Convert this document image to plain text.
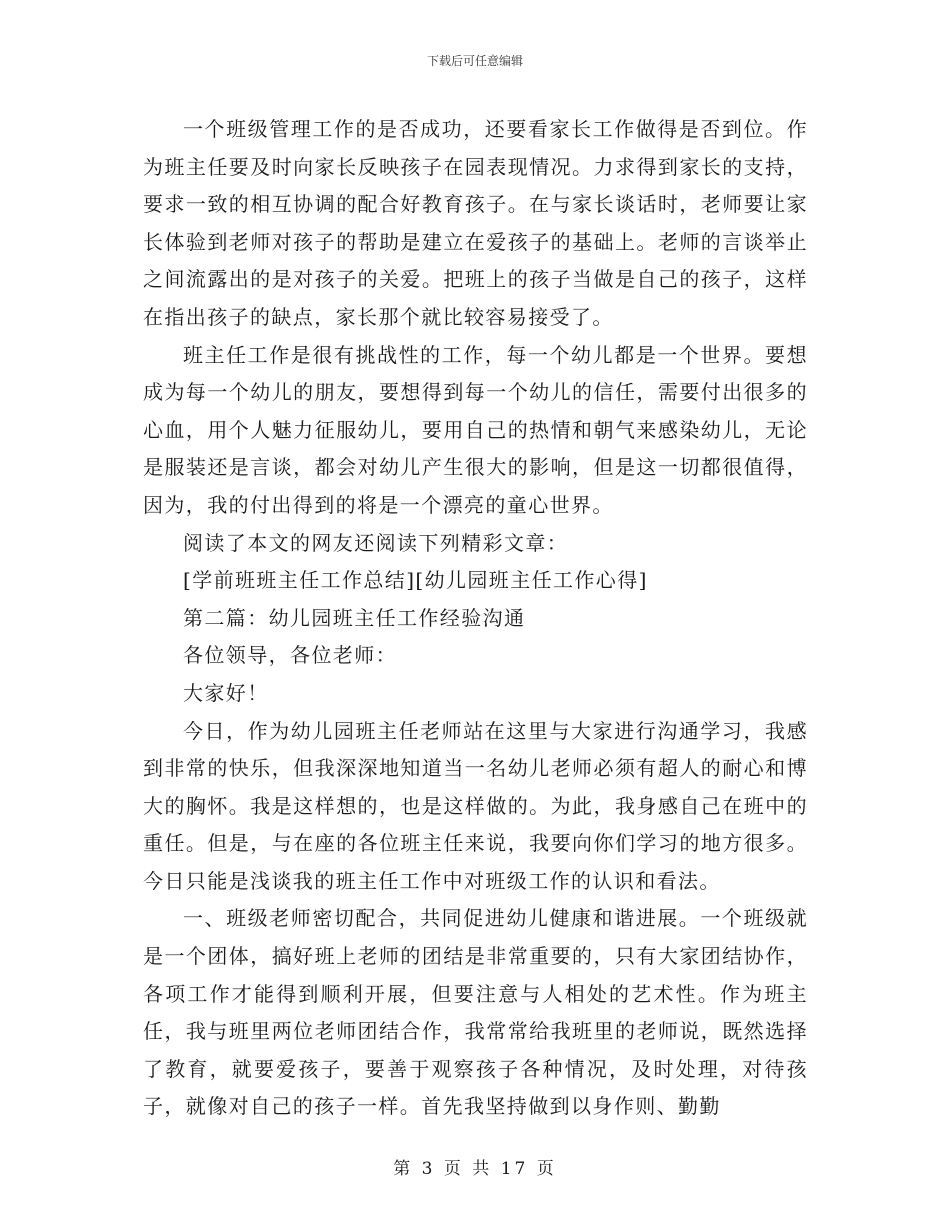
下载后可任意编辑

一个班级管理工作的是否成功，还要看家长工作做得是否到位。作为班主任要及时向家长反映孩子在园表现情况。力求得到家长的支持，要求一致的相互协调的配合好教育孩子。在与家长谈话时，老师要让家长体验到老师对孩子的帮助是建立在爱孩子的基础上。老师的言谈举止之间流露出的是对孩子的关爱。把班上的孩子当做是自己的孩子，这样在指出孩子的缺点，家长那个就比较容易接受了。

班主任工作是很有挑战性的工作，每一个幼儿都是一个世界。要想成为每一个幼儿的朋友，要想得到每一个幼儿的信任，需要付出很多的心血，用个人魅力征服幼儿，要用自己的热情和朝气来感染幼儿，无论是服装还是言谈，都会对幼儿产生很大的影响，但是这一切都很值得，因为，我的付出得到的将是一个漂亮的童心世界。

阅读了本文的网友还阅读下列精彩文章：

[学前班班主任工作总结][幼儿园班主任工作心得]

第二篇：幼儿园班主任工作经验沟通

各位领导，各位老师：

大家好！

今日，作为幼儿园班主任老师站在这里与大家进行沟通学习，我感到非常的快乐，但我深深地知道当一名幼儿老师必须有超人的耐心和博大的胸怀。我是这样想的，也是这样做的。为此，我身感自己在班中的重任。但是，与在座的各位班主任来说，我要向你们学习的地方很多。今日只能是浅谈我的班主任工作中对班级工作的认识和看法。

一、班级老师密切配合，共同促进幼儿健康和谐进展。一个班级就是一个团体，搞好班上老师的团结是非常重要的，只有大家团结协作，各项工作才能得到顺利开展，但要注意与人相处的艺术性。作为班主任，我与班里两位老师团结合作，我常常给我班里的老师说，既然选择了教育，就要爱孩子，要善于观察孩子各种情况，及时处理，对待孩子，就像对自己的孩子一样。首先我坚持做到以身作则、勤勤

第 3 页 共 17 页
